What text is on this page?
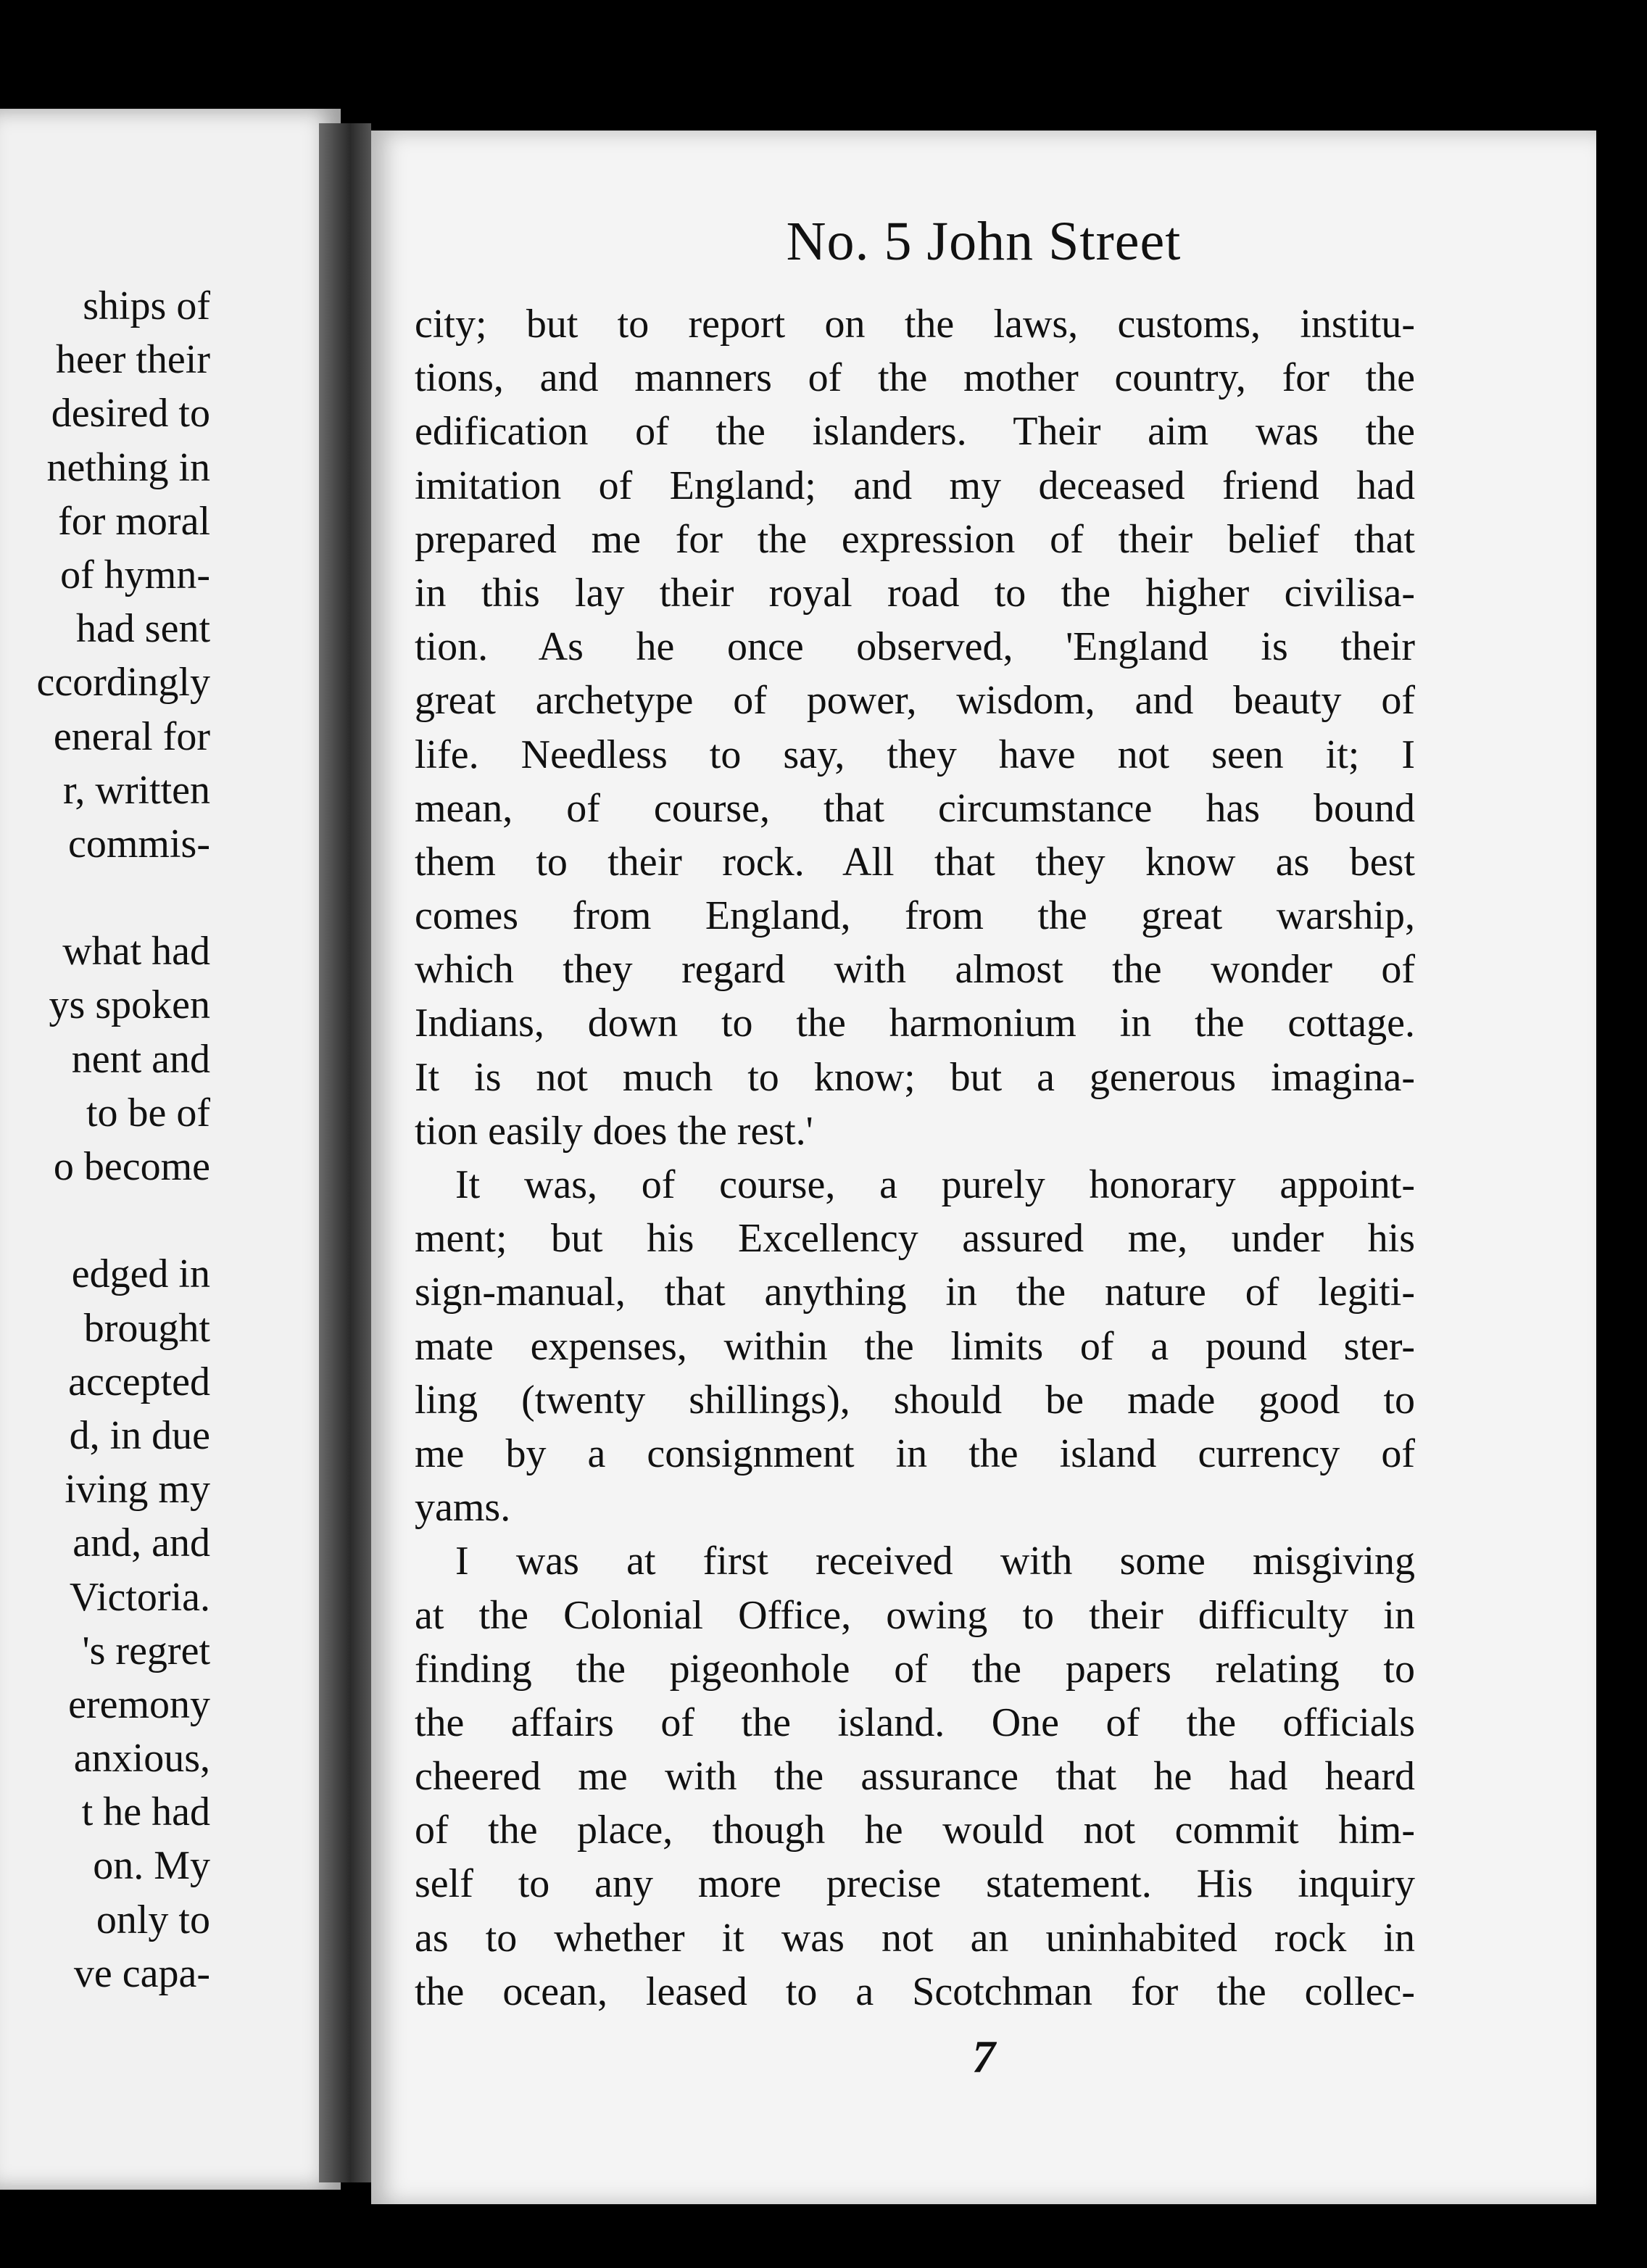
ships of
heer their
desired to
nething in
for moral
of hymn-
had sent
ccordingly
eneral for
r, written
commis-
what had
ys spoken
nent and
to be of
o become
edged in
brought
accepted
d, in due
iving my
and, and
Victoria.
's regret
eremony
anxious,
t he had
on. My
only to
ve capa-
No. 5 John Street
city; but to report on the laws, customs, institu-
tions, and manners of the mother country, for the
edification of the islanders. Their aim was the
imitation of England; and my deceased friend had
prepared me for the expression of their belief that
in this lay their royal road to the higher civilisa-
tion. As he once observed, 'England is their
great archetype of power, wisdom, and beauty of
life. Needless to say, they have not seen it; I
mean, of course, that circumstance has bound
them to their rock. All that they know as best
comes from England, from the great warship,
which they regard with almost the wonder of
Indians, down to the harmonium in the cottage.
It is not much to know; but a generous imagina-
tion easily does the rest.'
It was, of course, a purely honorary appoint-
ment; but his Excellency assured me, under his
sign-manual, that anything in the nature of legiti-
mate expenses, within the limits of a pound ster-
ling (twenty shillings), should be made good to
me by a consignment in the island currency of
yams.
I was at first received with some misgiving
at the Colonial Office, owing to their difficulty in
finding the pigeonhole of the papers relating to
the affairs of the island. One of the officials
cheered me with the assurance that he had heard
of the place, though he would not commit him-
self to any more precise statement. His inquiry
as to whether it was not an uninhabited rock in
the ocean, leased to a Scotchman for the collec-
7
